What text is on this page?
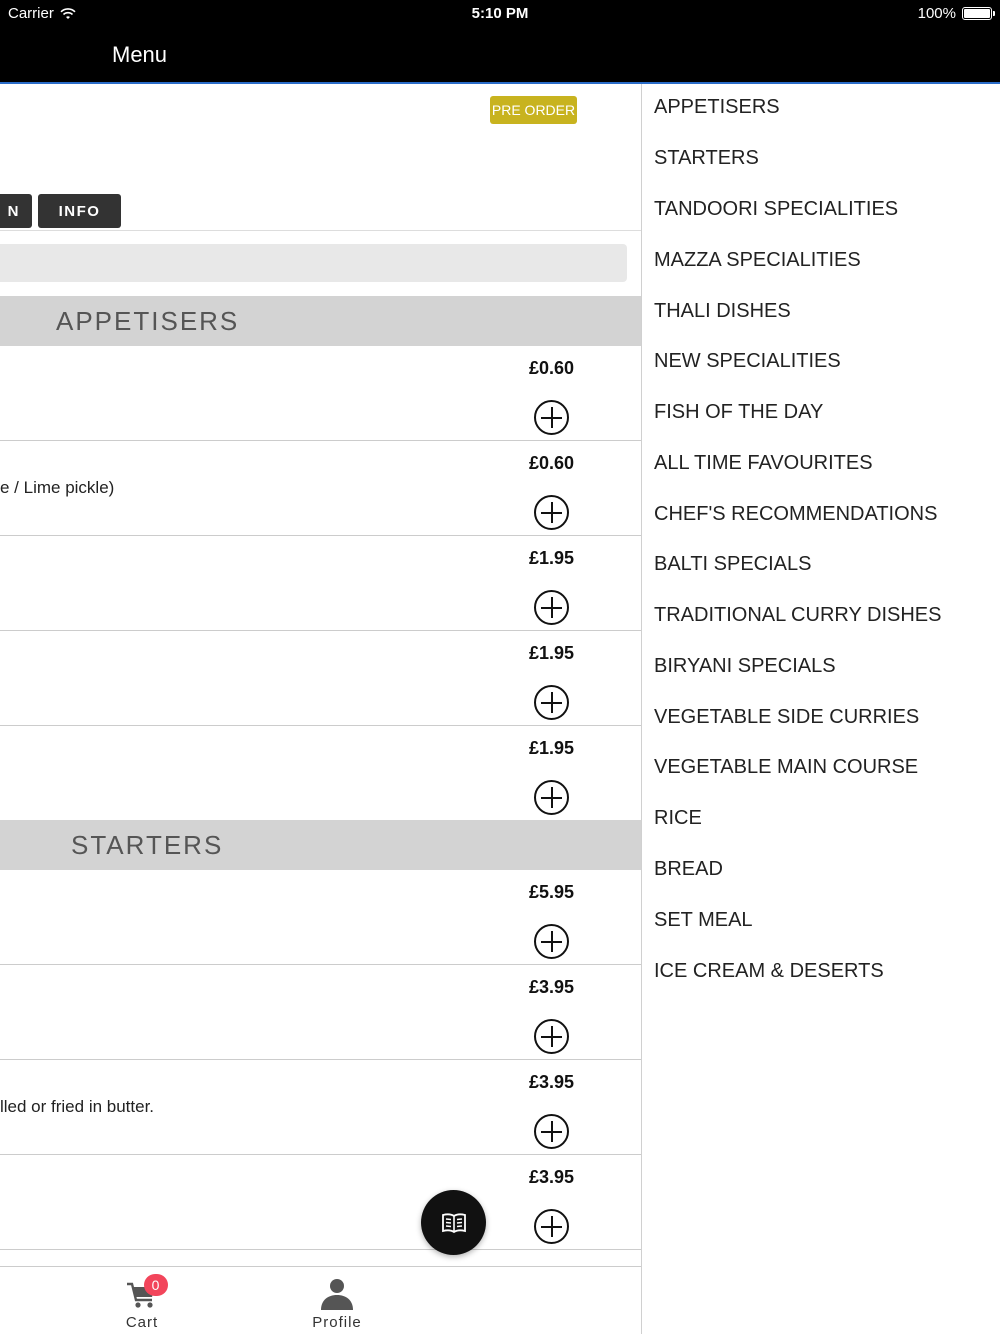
Carrier	5:10 PM	100%
Menu
PRE ORDER
N	INFO
APPETISERS
£0.60
£0.60
e / Lime pickle)
£1.95
£1.95
£1.95
STARTERS
£5.95
£3.95
£3.95
lled or fried in butter.
£3.95
0
Cart	Profile
APPETISERS
STARTERS
TANDOORI SPECIALITIES
MAZZA SPECIALITIES
THALI DISHES
NEW SPECIALITIES
FISH OF THE DAY
ALL TIME FAVOURITES
CHEF'S RECOMMENDATIONS
BALTI SPECIALS
TRADITIONAL CURRY DISHES
BIRYANI SPECIALS
VEGETABLE SIDE CURRIES
VEGETABLE MAIN COURSE
RICE
BREAD
SET MEAL
ICE CREAM & DESERTS
